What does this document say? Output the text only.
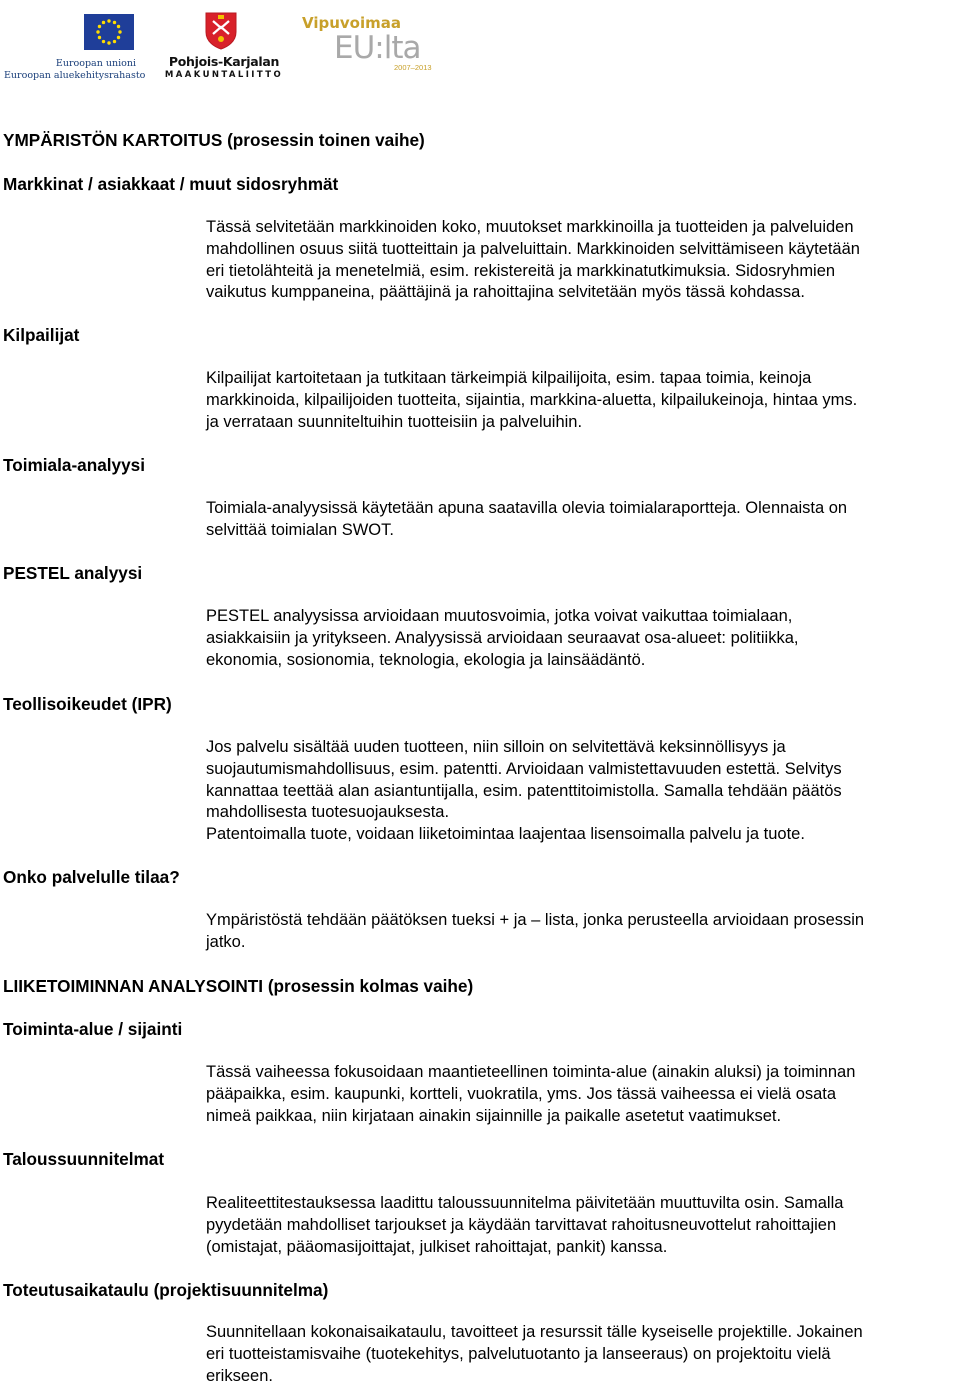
Euroopan unioni
Euroopan aluekehitysrahasto
Pohjois-Karjalan
MAAKUNTALIITTO
Vipuvoimaa
EU:lta
2007–2013
YMPÄRISTÖN KARTOITUS (prosessin toinen vaihe)
Markkinat / asiakkaat / muut sidosryhmät
Tässä selvitetään markkinoiden koko, muutokset markkinoilla ja tuotteiden ja palveluiden
mahdollinen osuus siitä tuotteittain ja palveluittain. Markkinoiden selvittämiseen käytetään
eri tietolähteitä ja menetelmiä, esim. rekistereitä ja markkinatutkimuksia. Sidosryhmien
vaikutus kumppaneina, päättäjinä ja rahoittajina selvitetään myös tässä kohdassa.
Kilpailijat
Kilpailijat kartoitetaan ja tutkitaan tärkeimpiä kilpailijoita, esim. tapaa toimia, keinoja
markkinoida, kilpailijoiden tuotteita, sijaintia, markkina-aluetta, kilpailukeinoja, hintaa yms.
ja verrataan suunniteltuihin tuotteisiin ja palveluihin.
Toimiala-analyysi
Toimiala-analyysissä käytetään apuna saatavilla olevia toimialaraportteja. Olennaista on
selvittää toimialan SWOT.
PESTEL analyysi
PESTEL analyysissa arvioidaan muutosvoimia, jotka voivat vaikuttaa toimialaan,
asiakkaisiin ja yritykseen. Analyysissä arvioidaan seuraavat osa-alueet: politiikka,
ekonomia, sosionomia, teknologia, ekologia ja lainsäädäntö.
Teollisoikeudet (IPR)
Jos palvelu sisältää uuden tuotteen, niin silloin on selvitettävä keksinnöllisyys ja
suojautumismahdollisuus, esim. patentti. Arvioidaan valmistettavuuden estettä. Selvitys
kannattaa teettää alan asiantuntijalla, esim. patenttitoimistolla. Samalla tehdään päätös
mahdollisesta tuotesuojauksesta.
Patentoimalla tuote, voidaan liiketoimintaa laajentaa lisensoimalla palvelu ja tuote.
Onko palvelulle tilaa?
Ympäristöstä tehdään päätöksen tueksi + ja – lista, jonka perusteella arvioidaan prosessin
jatko.
LIIKETOIMINNAN ANALYSOINTI (prosessin kolmas vaihe)
Toiminta-alue / sijainti
Tässä vaiheessa fokusoidaan maantieteellinen toiminta-alue (ainakin aluksi) ja toiminnan
pääpaikka, esim. kaupunki, kortteli, vuokratila, yms. Jos tässä vaiheessa ei vielä osata
nimeä paikkaa, niin kirjataan ainakin sijainnille ja paikalle asetetut vaatimukset.
Taloussuunnitelmat
Realiteettitestauksessa laadittu taloussuunnitelma päivitetään muuttuvilta osin. Samalla
pyydetään mahdolliset tarjoukset ja käydään tarvittavat rahoitusneuvottelut rahoittajien
(omistajat, pääomasijoittajat, julkiset rahoittajat, pankit) kanssa.
Toteutusaikataulu (projektisuunnitelma)
Suunnitellaan kokonaisaikataulu, tavoitteet ja resurssit tälle kyseiselle projektille. Jokainen
eri tuotteistamisvaihe (tuotekehitys, palvelutuotanto ja lanseeraus) on projektoitu vielä
erikseen.
